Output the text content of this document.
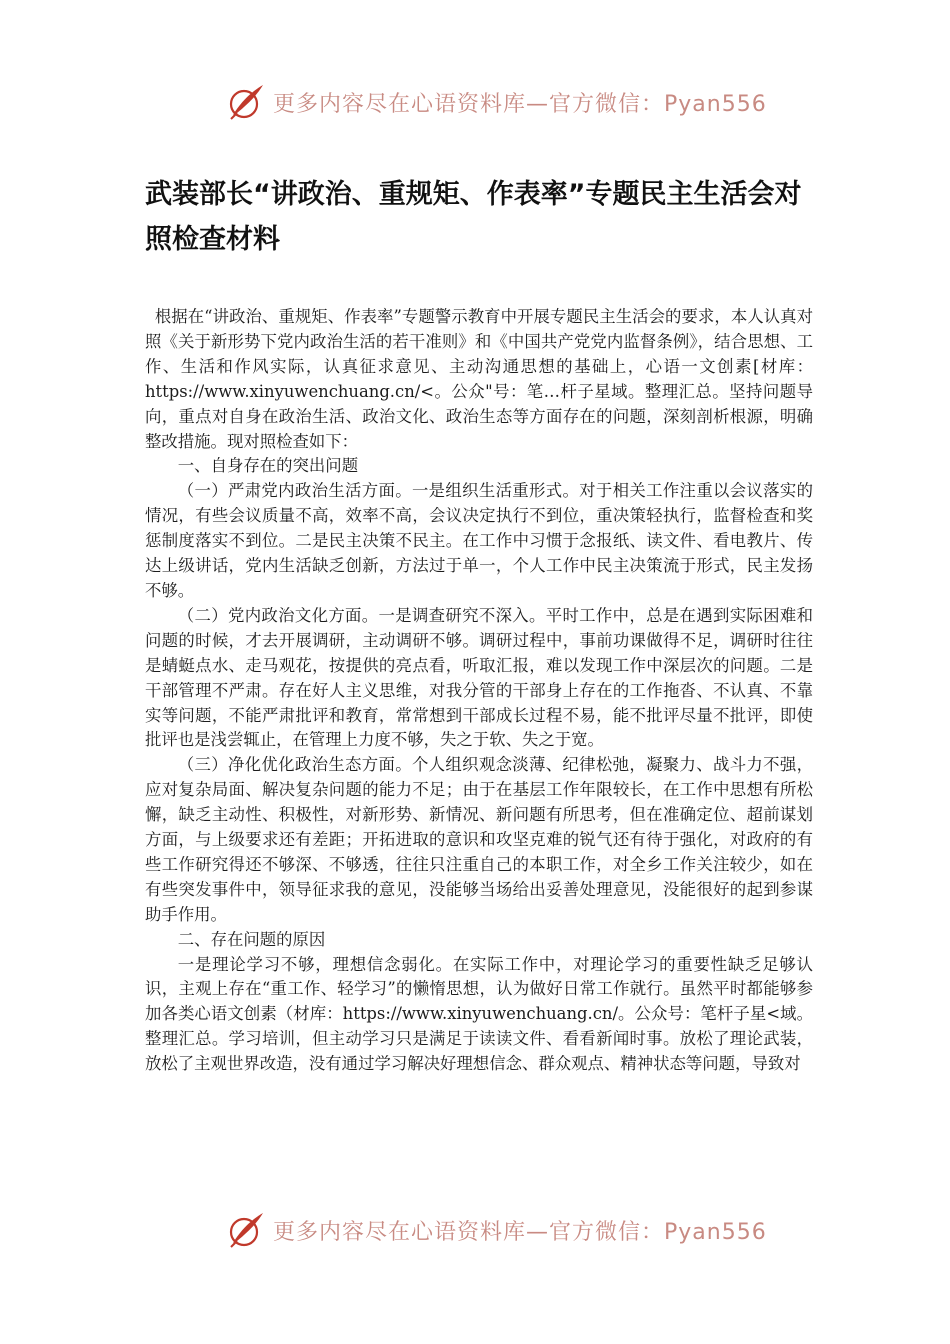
更多内容尽在心语资料库—官方微信：Pyan556
武装部长“讲政治、重规矩、作表率”专题民主生活会对照检查材料

根据在“讲政治、重规矩、作表率”专题警示教育中开展专题民主生活会的要求，本人认真对照《关于新形势下党内政治生活的若干准则》和《中国共产党党内监督条例》，结合思想、工作、生活和作风实际，认真征求意见、主动沟通思想的基础上，心语一文创素[材库：https://www.xinyuwenchuang.cn/<。公众"号：笔…杆子星域。整理汇总。坚持问题导向，重点对自身在政治生活、政治文化、政治生态等方面存在的问题，深刻剖析根源，明确整改措施。现对照检查如下：

一、自身存在的突出问题

（一）严肃党内政治生活方面。一是组织生活重形式。对于相关工作注重以会议落实的情况，有些会议质量不高，效率不高，会议决定执行不到位，重决策轻执行，监督检查和奖惩制度落实不到位。二是民主决策不民主。在工作中习惯于念报纸、读文件、看电教片、传达上级讲话，党内生活缺乏创新，方法过于单一，个人工作中民主决策流于形式，民主发扬不够。

（二）党内政治文化方面。一是调查研究不深入。平时工作中，总是在遇到实际困难和问题的时候，才去开展调研，主动调研不够。调研过程中，事前功课做得不足，调研时往往是蜻蜓点水、走马观花，按提供的亮点看，听取汇报，难以发现工作中深层次的问题。二是干部管理不严肃。存在好人主义思维，对我分管的干部身上存在的工作拖沓、不认真、不靠实等问题，不能严肃批评和教育，常常想到干部成长过程不易，能不批评尽量不批评，即使批评也是浅尝辄止，在管理上力度不够，失之于软、失之于宽。

（三）净化优化政治生态方面。个人组织观念淡薄、纪律松弛，凝聚力、战斗力不强，应对复杂局面、解决复杂问题的能力不足；由于在基层工作年限较长，在工作中思想有所松懈，缺乏主动性、积极性，对新形势、新情况、新问题有所思考，但在准确定位、超前谋划方面，与上级要求还有差距；开拓进取的意识和攻坚克难的锐气还有待于强化，对政府的有些工作研究得还不够深、不够透，往往只注重自己的本职工作，对全乡工作关注较少，如在有些突发事件中，领导征求我的意见，没能够当场给出妥善处理意见，没能很好的起到参谋助手作用。

二、存在问题的原因

一是理论学习不够，理想信念弱化。在实际工作中，对理论学习的重要性缺乏足够认识，主观上存在“重工作、轻学习”的懒惰思想，认为做好日常工作就行。虽然平时都能够参加各类心语文创素（材库：https://www.xinyuwenchuang.cn/。公众号：笔杆子星<域。整理汇总。学习培训，但主动学习只是满足于读读文件、看看新闻时事。放松了理论武装，放松了主观世界改造，没有通过学习解决好理想信念、群众观点、精神状态等问题，导致对

更多内容尽在心语资料库—官方微信：Pyan556
